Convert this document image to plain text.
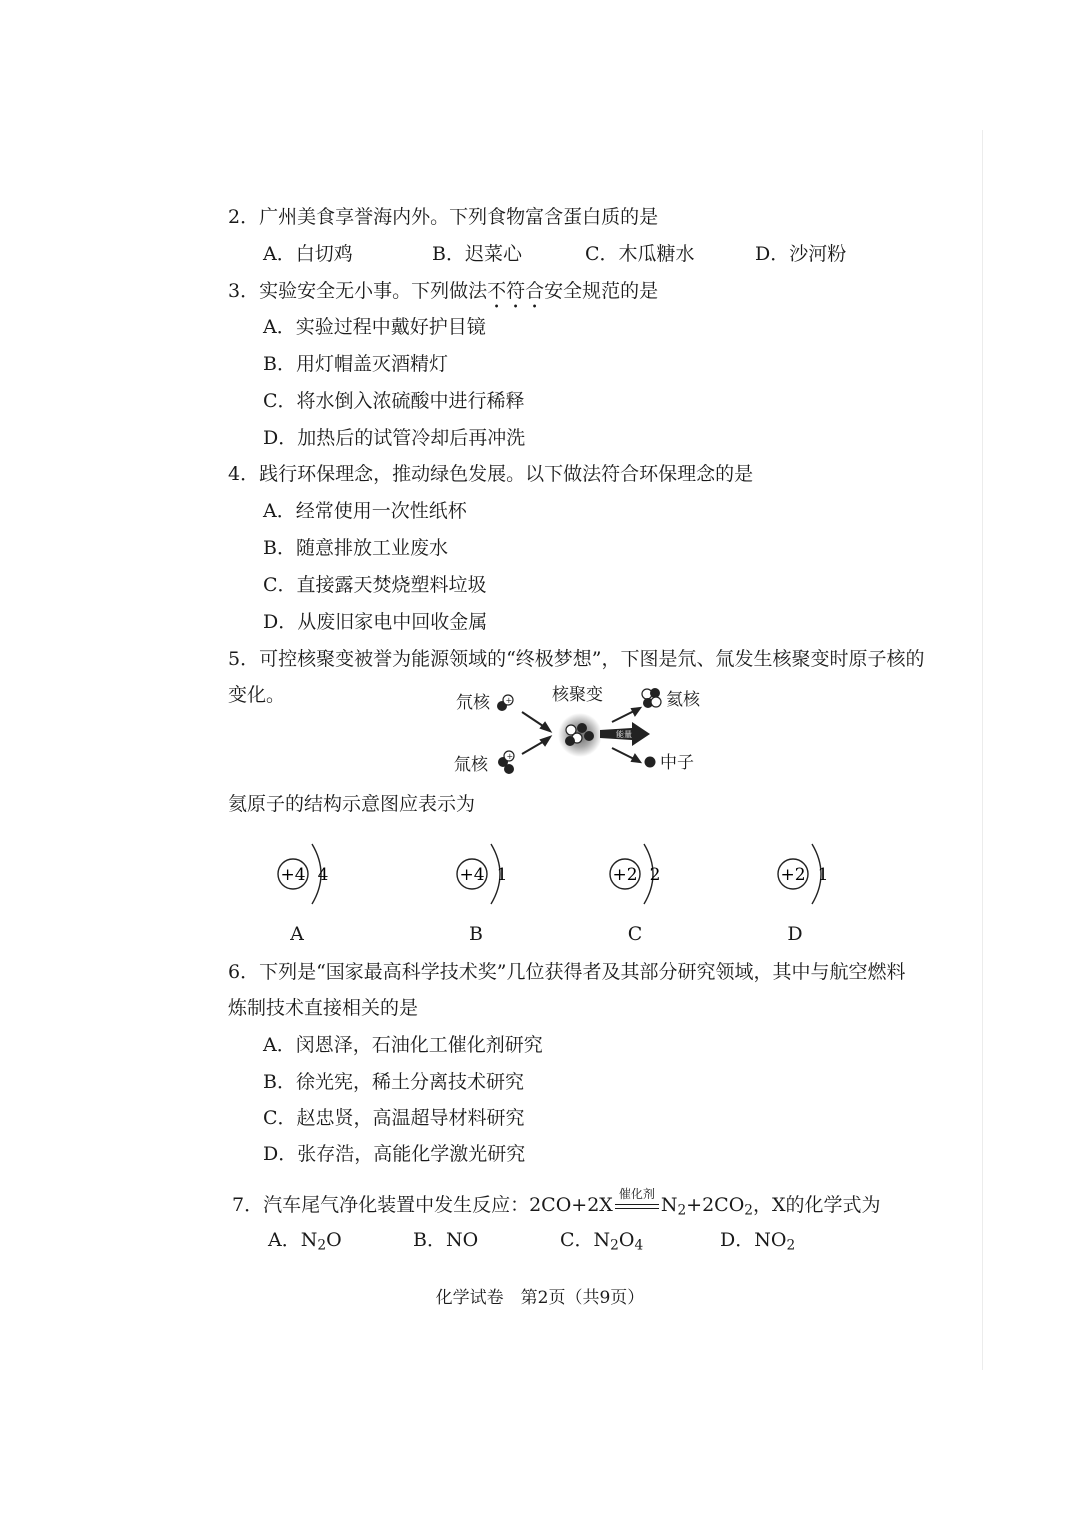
2．广州美食享誉海内外。下列食物富含蛋白质的是
A．白切鸡	B．迟菜心	C．木瓜糖水	D．沙河粉
3．实验安全无小事。下列做法不符合安全规范的是
A．实验过程中戴好护目镜
B．用灯帽盖灭酒精灯
C．将水倒入浓硫酸中进行稀释
D．加热后的试管冷却后再冲洗
4．践行环保理念，推动绿色发展。以下做法符合环保理念的是
A．经常使用一次性纸杯
B．随意排放工业废水
C．直接露天焚烧塑料垃圾
D．从废旧家电中回收金属
5．可控核聚变被誉为能源领域的“终极梦想”，下图是氘、氚发生核聚变时原子核的
变化。	氘核
氚核
核聚变	氦核
中子
+
+
能量
氦原子的结构示意图应表示为
+4 4	+4 1	+2 2	+2 1
A	B	C	D
6．下列是“国家最高科学技术奖”几位获得者及其部分研究领域，其中与航空燃料
炼制技术直接相关的是
A．闵恩泽，石油化工催化剂研究
B．徐光宪，稀土分离技术研究
C．赵忠贤，高温超导材料研究
D．张存浩，高能化学激光研究
7．汽车尾气净化装置中发生反应：2CO+2X 催化剂 $N_2+2CO_2$，X的化学式为
A．$N_2O$	B．NO	C．$N_2O_4$	D．$NO_2$
化学试卷　第2页（共9页）
